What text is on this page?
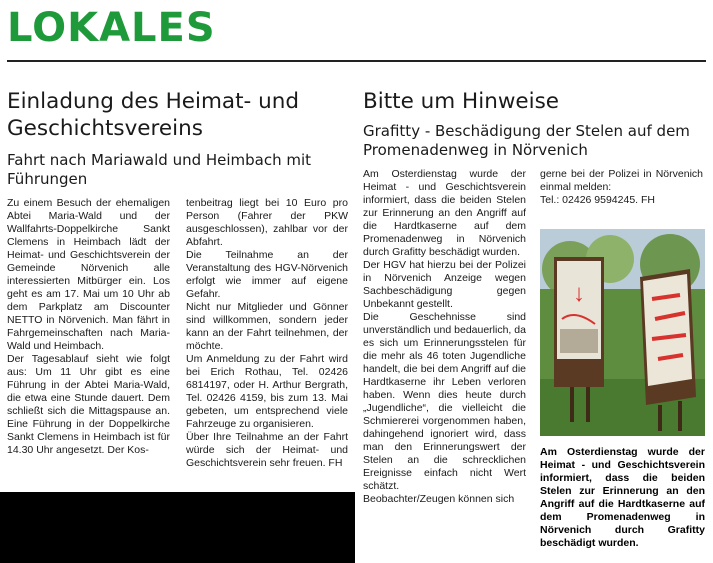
LOKALES
Einladung des Heimat- und Geschichtsvereins
Fahrt nach Mariawald und Heimbach mit Führungen

Zu einem Besuch der ehemaligen Abtei Maria-Wald und der Wallfahrts-Doppelkirche Sankt Clemens in Heimbach lädt der Heimat- und Geschichtsverein der Gemeinde Nörvenich alle interessierten Mitbürger ein. Los geht es am 17. Mai um 10 Uhr ab dem Parkplatz am Discounter NETTO in Nörvenich. Man fährt in Fahrgemeinschaften nach Maria-Wald und Heimbach.

Der Tagesablauf sieht wie folgt aus: Um 11 Uhr gibt es eine Führung in der Abtei Maria-Wald, die etwa eine Stunde dauert. Dem schließt sich die Mittagspause an. Eine Führung in der Doppelkirche Sankt Clemens in Heimbach ist für 14.30 Uhr angesetzt. Der Kos-

tenbeitrag liegt bei 10 Euro pro Person (Fahrer der PKW ausgeschlossen), zahlbar vor der Abfahrt.

Die Teilnahme an der Veranstaltung des HGV-Nörvenich erfolgt wie immer auf eigene Gefahr.

Nicht nur Mitglieder und Gönner sind willkommen, sondern jeder kann an der Fahrt teilnehmen, der möchte.

Um Anmeldung zu der Fahrt wird bei Erich Rothau, Tel. 02426 6814197, oder H. Arthur Bergrath, Tel. 02426 4159, bis zum 13. Mai gebeten, um entsprechend viele Fahrzeuge zu organisieren.

Über Ihre Teilnahme an der Fahrt würde sich der Heimat- und Geschichtsverein sehr freuen. FH

Bitte um Hinweise
Grafitty - Beschädigung der Stelen auf dem Promenadenweg in Nörvenich

Am Osterdienstag wurde der Heimat - und Geschichtsverein informiert, dass die beiden Stelen zur Erinnerung an den Angriff auf die Hardtkaserne auf dem Promenadenweg in Nörvenich durch Grafitty beschädigt wurden.

Der HGV hat hierzu bei der Polizei in Nörvenich Anzeige wegen Sachbeschädigung gegen Unbekannt gestellt.

Die Geschehnisse sind unverständlich und bedauerlich, da es sich um Erinnerungsstelen für die mehr als 46 toten Jugendliche handelt, die bei dem Angriff auf die Hardtkaserne ihr Leben verloren haben. Wenn dies heute durch „Jugendliche“, die vielleicht die Schmiererei vorgenommen haben, dahingehend ignoriert wird, dass man den Erinnerungswert der Stelen an die schrecklichen Ereignisse einfach nicht Wert schätzt.

Beobachter/Zeugen können sich

gerne bei der Polizei in Nörvenich einmal melden:

Tel.: 02426 9594245. FH

↓
Am Osterdienstag wurde der Heimat - und Geschichtsverein informiert, dass die beiden Stelen zur Erinnerung an den Angriff auf die Hardtkaserne auf dem Promenadenweg in Nörvenich durch Grafitty beschädigt wurden.
